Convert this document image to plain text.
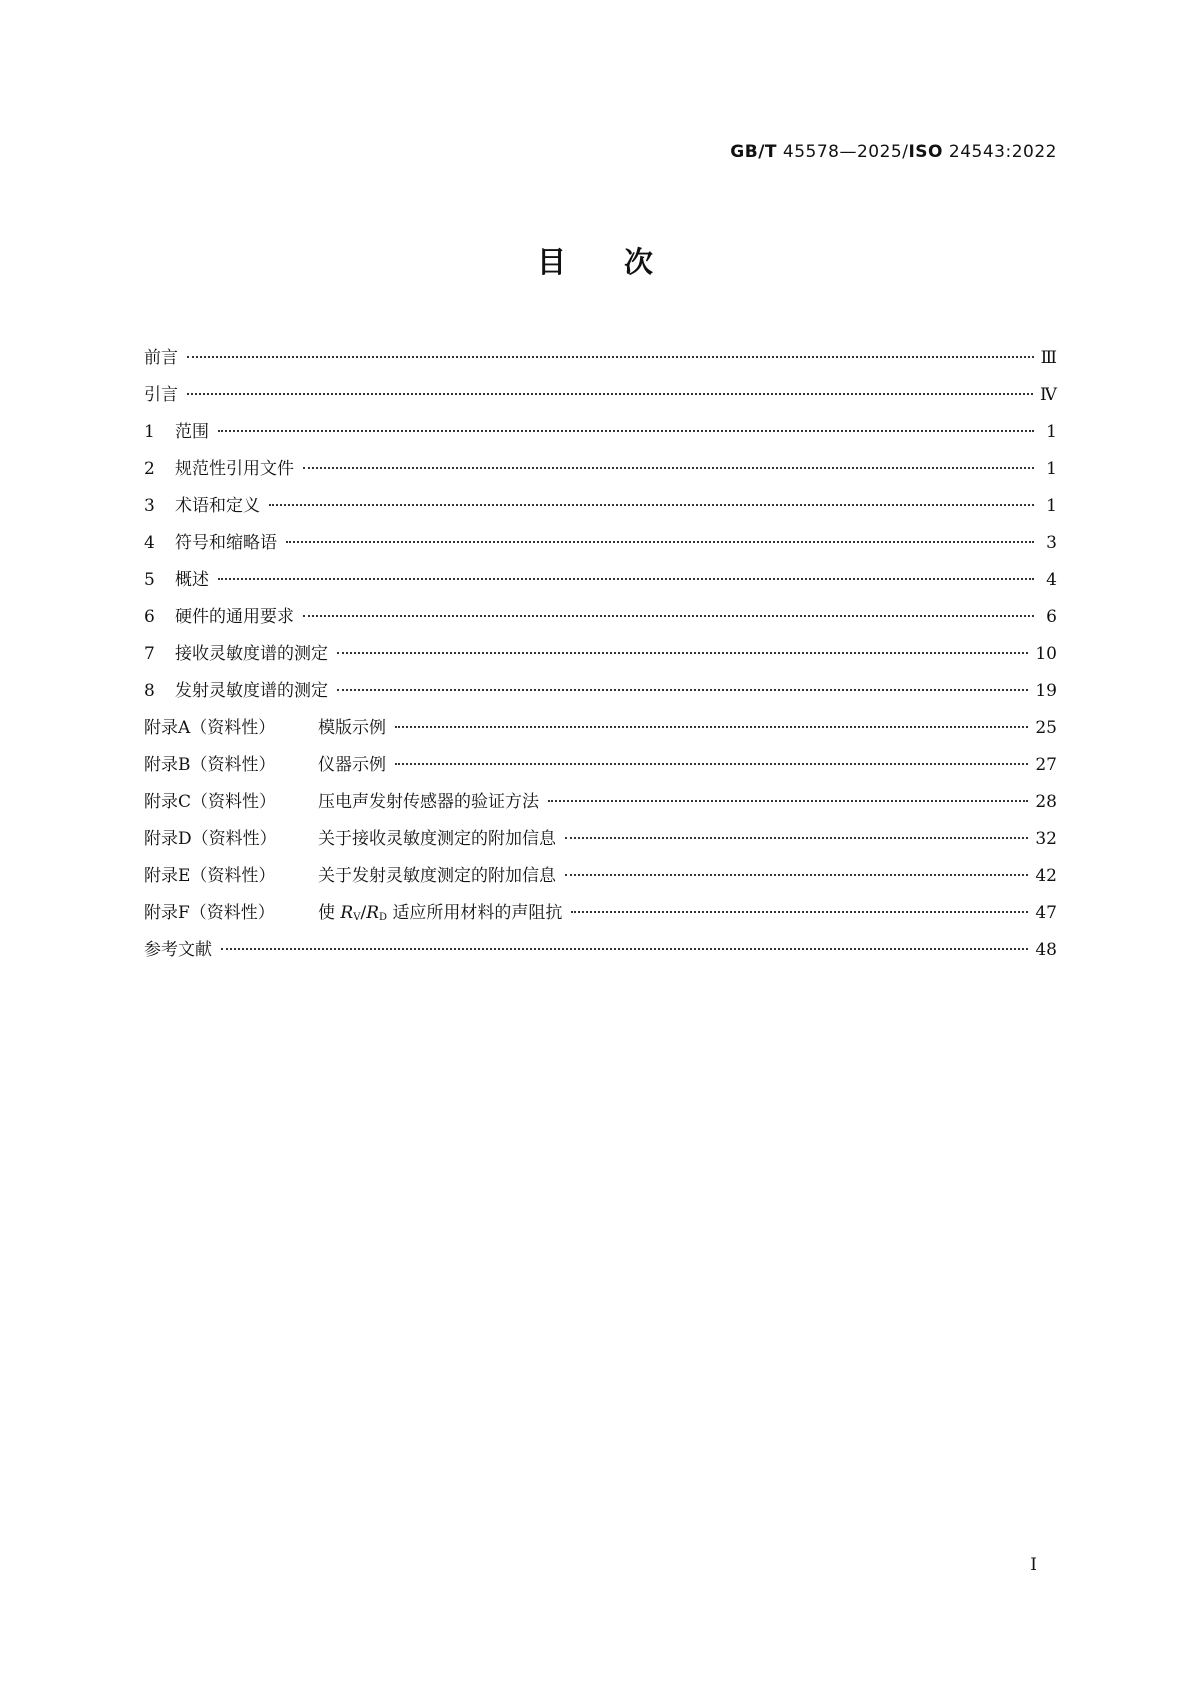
GB/T 45578—2025/ISO 24543:2022
目 次
前言	Ⅲ
引言	Ⅳ
1 范围	1
2 规范性引用文件	1
3 术语和定义	1
4 符号和缩略语	3
5 概述	4
6 硬件的通用要求	6
7 接收灵敏度谱的测定	10
8 发射灵敏度谱的测定	19
附录A（资料性）	模版示例	25
附录B（资料性）	仪器示例	27
附录C（资料性） 压电声发射传感器的验证方法	28
附录D（资料性） 关于接收灵敏度测定的附加信息	32
附录E（资料性）	关于发射灵敏度测定的附加信息	42
附录F（资料性）	使 $R_V/R_D$ 适应所用材料的声阻抗	47
参考文献	48
Ⅰ
